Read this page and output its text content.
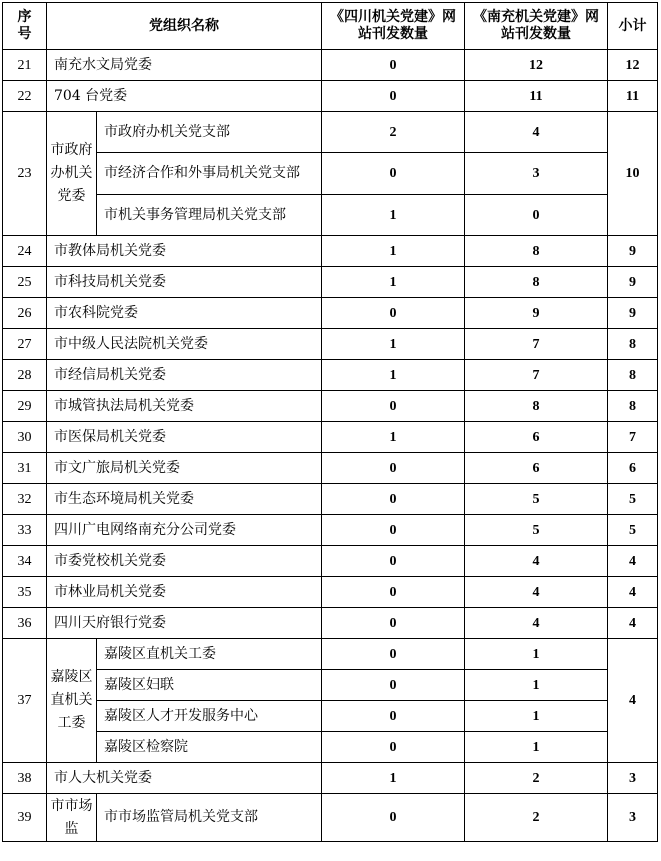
序号	党组织名称		《四川机关党建》网站刊发数量	《南充机关党建》网站刊发数量	小计
21	南充水文局党委		0	12	12
22	704 台党委		0	11	11
23	市政府办机关党委	市政府办机关党支部	2	4	10
		市经济合作和外事局机关党支部	0	3	
		市机关事务管理局机关党支部	1	0	
24	市教体局机关党委		1	8	9
25	市科技局机关党委		1	8	9
26	市农科院党委		0	9	9
27	市中级人民法院机关党委		1	7	8
28	市经信局机关党委		1	7	8
29	市城管执法局机关党委		0	8	8
30	市医保局机关党委		1	6	7
31	市文广旅局机关党委		0	6	6
32	市生态环境局机关党委		0	5	5
33	四川广电网络南充分公司党委		0	5	5
34	市委党校机关党委		0	4	4
35	市林业局机关党委		0	4	4
36	四川天府银行党委		0	4	4
37	嘉陵区直机关工委	嘉陵区直机关工委	0	1	4
		嘉陵区妇联	0	1	
		嘉陵区人才开发服务中心	0	1	
		嘉陵区检察院	0	1	
38	市人大机关党委		1	2	3
39	市市场监	市市场监管局机关党支部	0	2	3
